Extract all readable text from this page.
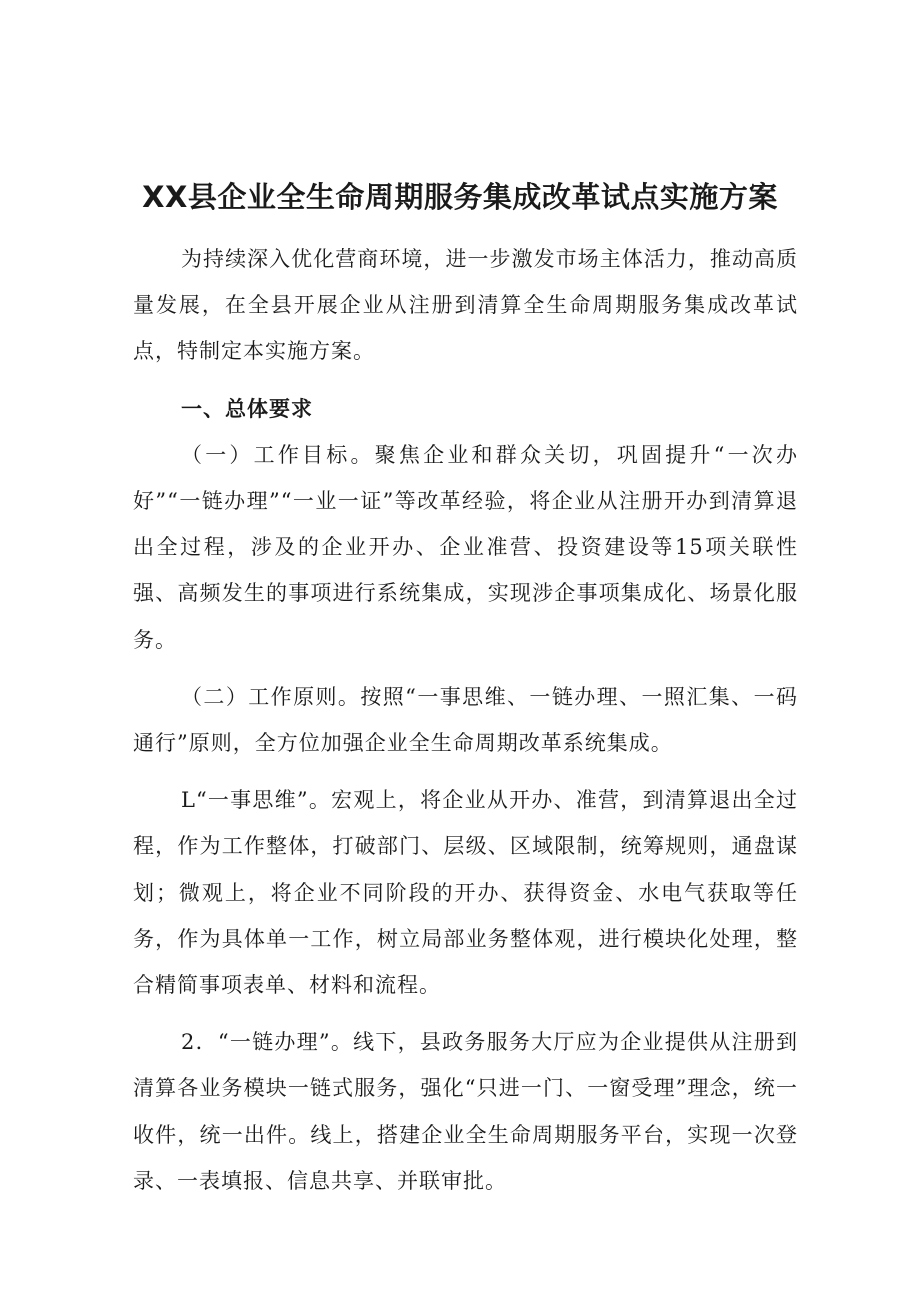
XX县企业全生命周期服务集成改革试点实施方案

为持续深入优化营商环境，进一步激发市场主体活力，推动高质量发展，在全县开展企业从注册到清算全生命周期服务集成改革试点，特制定本实施方案。

一、总体要求

（一）工作目标。聚焦企业和群众关切，巩固提升“一次办好”“一链办理”“一业一证”等改革经验，将企业从注册开办到清算退出全过程，涉及的企业开办、企业准营、投资建设等15项关联性强、高频发生的事项进行系统集成，实现涉企事项集成化、场景化服务。

（二）工作原则。按照“一事思维、一链办理、一照汇集、一码通行”原则，全方位加强企业全生命周期改革系统集成。

L“一事思维”。宏观上，将企业从开办、准营，到清算退出全过程，作为工作整体，打破部门、层级、区域限制，统筹规则，通盘谋划；微观上，将企业不同阶段的开办、获得资金、水电气获取等任务，作为具体单一工作，树立局部业务整体观，进行模块化处理，整合精简事项表单、材料和流程。

2．“一链办理”。线下，县政务服务大厅应为企业提供从注册到清算各业务模块一链式服务，强化“只进一门、一窗受理”理念，统一收件，统一出件。线上，搭建企业全生命周期服务平台，实现一次登录、一表填报、信息共享、并联审批。
